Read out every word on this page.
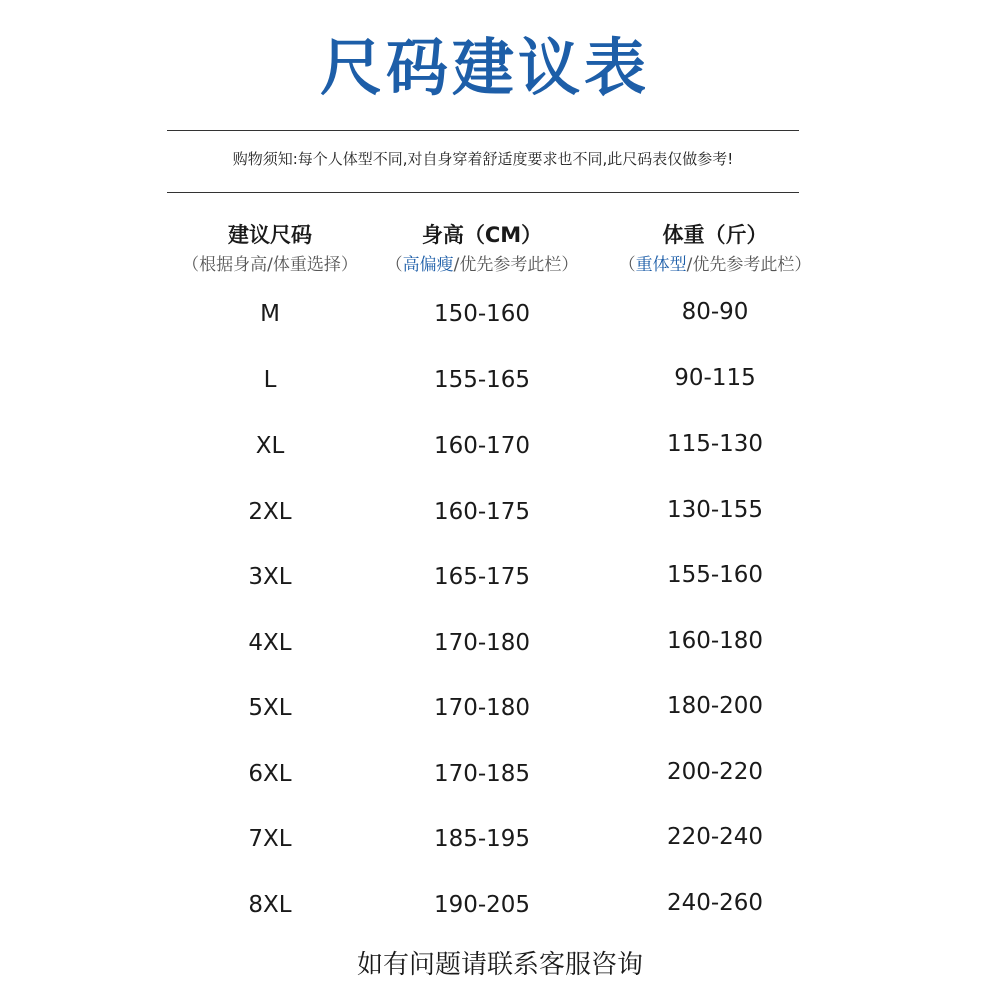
尺码建议表
购物须知:每个人体型不同,对自身穿着舒适度要求也不同,此尺码表仅做参考!
建议尺码	身高（CM）	体重（斤）
（根据身高/体重选择）	（高偏瘦/优先参考此栏）	（重体型/优先参考此栏）
M	150-160	80-90
L	155-165	90-115
XL	160-170	115-130
2XL	160-175	130-155
3XL	165-175	155-160
4XL	170-180	160-180
5XL	170-180	180-200
6XL	170-185	200-220
7XL	185-195	220-240
8XL	190-205	240-260
如有问题请联系客服咨询
